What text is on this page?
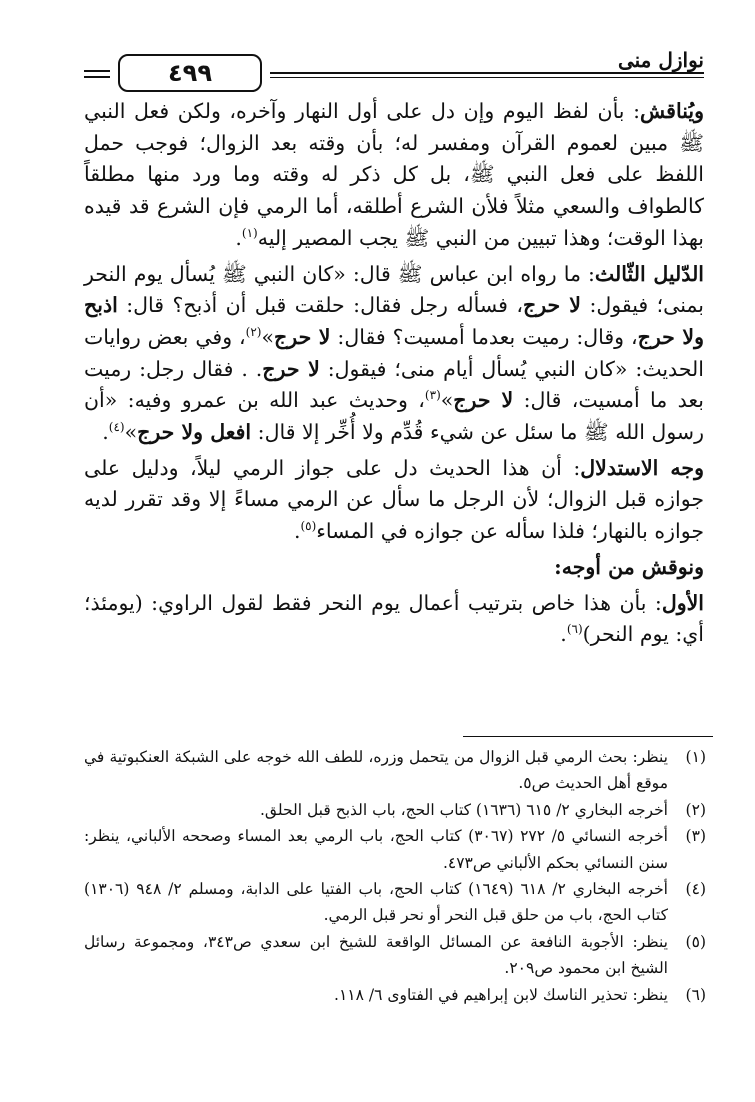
نوازل منى
٤٩٩

ويُناقش: بأن لفظ اليوم وإن دل على أول النهار وآخره، ولكن فعل النبي ﷺ مبين لعموم القرآن ومفسر له؛ بأن وقته بعد الزوال؛ فوجب حمل اللفظ على فعل النبي ﷺ، بل كل ذكر له وقته وما ورد منها مطلقاً كالطواف والسعي مثلاً فلأن الشرع أطلقه، أما الرمي فإن الشرع قد قيده بهذا الوقت؛ وهذا تبيين من النبي ﷺ يجب المصير إليه$^{(١)}$.

الدّليل الثّالث: ما رواه ابن عباس ﷺ قال: «كان النبي ﷺ يُسأل يوم النحر بمنى؛ فيقول: لا حرج، فسأله رجل فقال: حلقت قبل أن أذبح؟ قال: اذبح ولا حرج، وقال: رميت بعدما أمسيت؟ فقال: لا حرج»$^{(٢)}$، وفي بعض روايات الحديث: «كان النبي يُسأل أيام منى؛ فيقول: لا حرج. . فقال رجل: رميت بعد ما أمسيت، قال: لا حرج»$^{(٣)}$، وحديث عبد الله بن عمرو وفيه: «أن رسول الله ﷺ ما سئل عن شيء قُدِّم ولا أُخِّر إلا قال: افعل ولا حرج»$^{(٤)}$.

وجه الاستدلال: أن هذا الحديث دل على جواز الرمي ليلاً، ودليل على جوازه قبل الزوال؛ لأن الرجل ما سأل عن الرمي مساءً إلا وقد تقرر لديه جوازه بالنهار؛ فلذا سأله عن جوازه في المساء$^{(٥)}$.

ونوقش من أوجه:

الأول: بأن هذا خاص بترتيب أعمال يوم النحر فقط لقول الراوي: (يومئذ؛ أي: يوم النحر)$^{(٦)}$.

(١)
ينظر: بحث الرمي قبل الزوال من يتحمل وزره، للطف الله خوجه على الشبكة العنكبوتية في موقع أهل الحديث ص٥.
(٢)
أخرجه البخاري ٢/ ٦١٥ (١٦٣٦) كتاب الحج، باب الذبح قبل الحلق.
(٣)
أخرجه النسائي ٥/ ٢٧٢ (٣٠٦٧) كتاب الحج، باب الرمي بعد المساء وصححه الألباني، ينظر: سنن النسائي بحكم الألباني ص٤٧٣.
(٤)
أخرجه البخاري ٢/ ٦١٨ (١٦٤٩) كتاب الحج، باب الفتيا على الدابة، ومسلم ٢/ ٩٤٨ (١٣٠٦) كتاب الحج، باب من حلق قبل النحر أو نحر قبل الرمي.
(٥)
ينظر: الأجوبة النافعة عن المسائل الواقعة للشيخ ابن سعدي ص٣٤٣، ومجموعة رسائل الشيخ ابن محمود ص٢٠٩.
(٦)
ينظر: تحذير الناسك لابن إبراهيم في الفتاوى ٦/ ١١٨.
